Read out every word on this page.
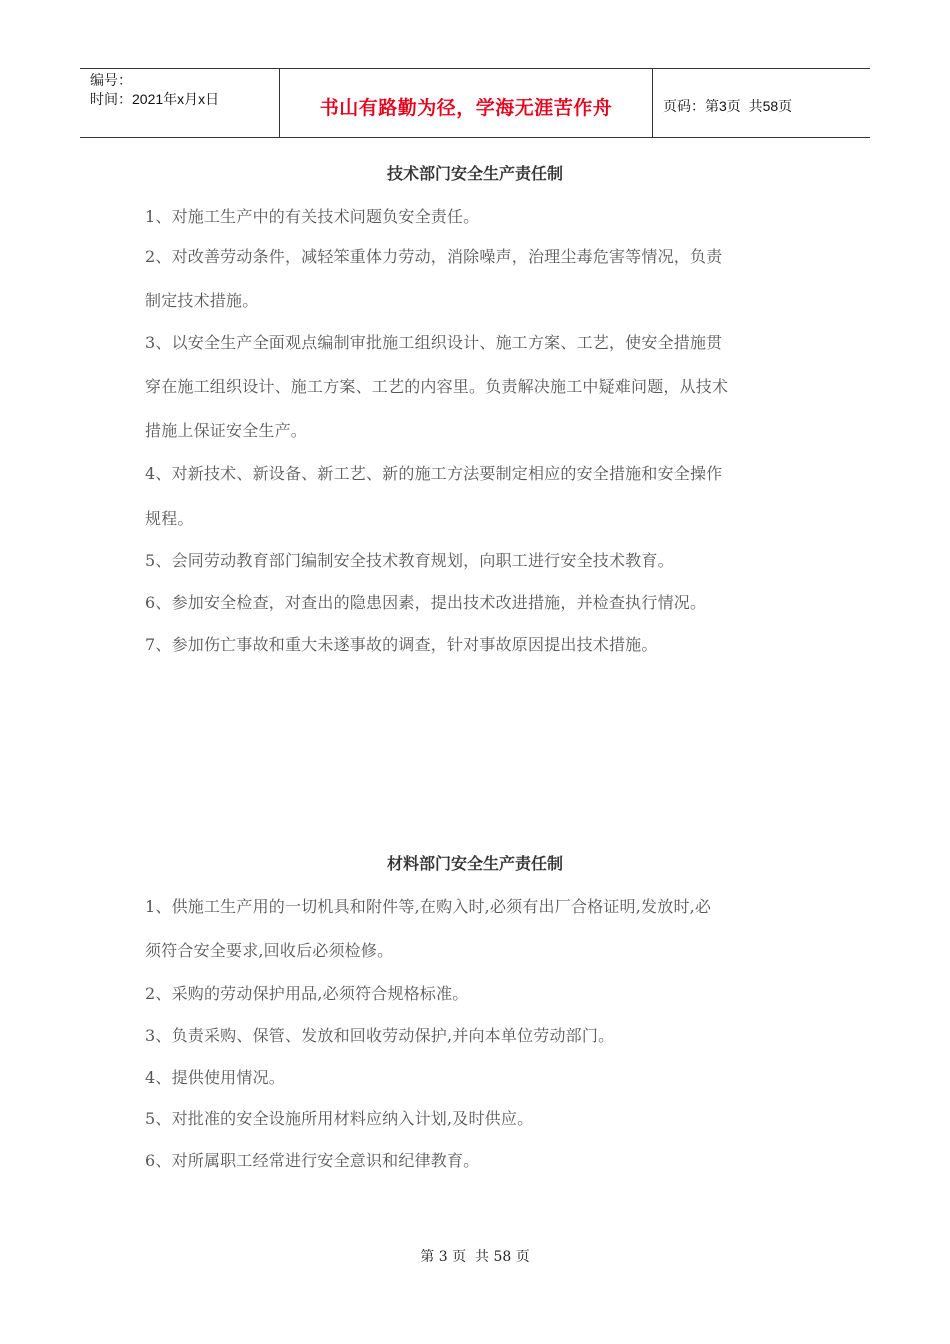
编号：
时间：2021年x月x日	书山有路勤为径，学海无涯苦作舟	页码：第3页  共58页
技术部门安全生产责任制
1、对施工生产中的有关技术问题负安全责任。
2、对改善劳动条件，减轻笨重体力劳动，消除噪声，治理尘毒危害等情况，负责
制定技术措施。
3、以安全生产全面观点编制审批施工组织设计、施工方案、工艺，使安全措施贯
穿在施工组织设计、施工方案、工艺的内容里。负责解决施工中疑难问题，从技术
措施上保证安全生产。
4、对新技术、新设备、新工艺、新的施工方法要制定相应的安全措施和安全操作
规程。
5、会同劳动教育部门编制安全技术教育规划，向职工进行安全技术教育。
6、参加安全检查，对查出的隐患因素，提出技术改进措施，并检查执行情况。
7、参加伤亡事故和重大未遂事故的调查，针对事故原因提出技术措施。
材料部门安全生产责任制
1、供施工生产用的一切机具和附件等,在购入时,必须有出厂合格证明,发放时,必
须符合安全要求,回收后必须检修。
2、采购的劳动保护用品,必须符合规格标准。
3、负责采购、保管、发放和回收劳动保护,并向本单位劳动部门。
4、提供使用情况。
5、对批准的安全设施所用材料应纳入计划,及时供应。
6、对所属职工经常进行安全意识和纪律教育。
第 3 页  共 58 页
